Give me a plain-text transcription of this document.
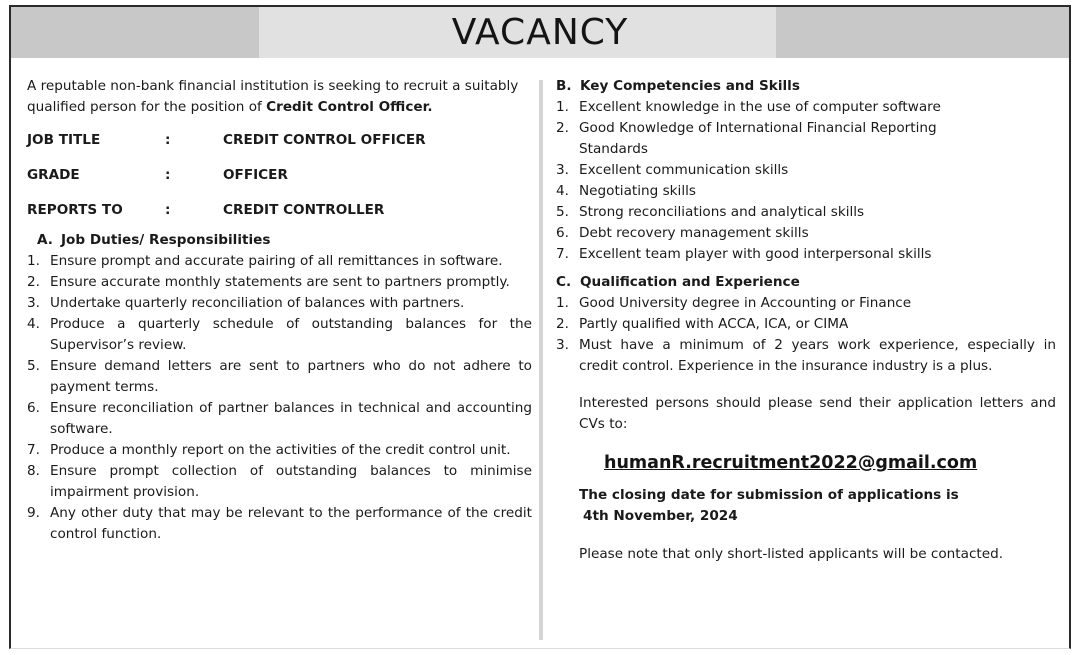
VACANCY

A reputable non-bank financial institution is seeking to recruit a suitably qualified person for the position of Credit Control Officer.

JOB TITLE	:	CREDIT CONTROL OFFICER
GRADE	:	OFFICER
REPORTS TO	:	CREDIT CONTROLLER
A. Job Duties/ Responsibilities
1. Ensure prompt and accurate pairing of all remittances in software.
2. Ensure accurate monthly statements are sent to partners promptly.
3. Undertake quarterly reconciliation of balances with partners.
4. Produce a quarterly schedule of outstanding balances for the Supervisor’s review.
5. Ensure demand letters are sent to partners who do not adhere to payment terms.
6. Ensure reconciliation of partner balances in technical and accounting software.
7. Produce a monthly report on the activities of the credit control unit.
8. Ensure prompt collection of outstanding balances to minimise impairment provision.
9. Any other duty that may be relevant to the performance of the credit control function.
B. Key Competencies and Skills
1. Excellent knowledge in the use of computer software
2. Good Knowledge of International Financial Reporting Standards
3. Excellent communication skills
4. Negotiating skills
5. Strong reconciliations and analytical skills
6. Debt recovery management skills
7. Excellent team player with good interpersonal skills
C. Qualification and Experience
1. Good University degree in Accounting or Finance
2. Partly qualified with ACCA, ICA, or CIMA
3. Must have a minimum of 2 years work experience, especially in credit control. Experience in the insurance industry is a plus.

Interested persons should please send their application letters and CVs to:

humanR.recruitment2022@gmail.com
The closing date for submission of applications is
4th November, 2024

Please note that only short-listed applicants will be contacted.
